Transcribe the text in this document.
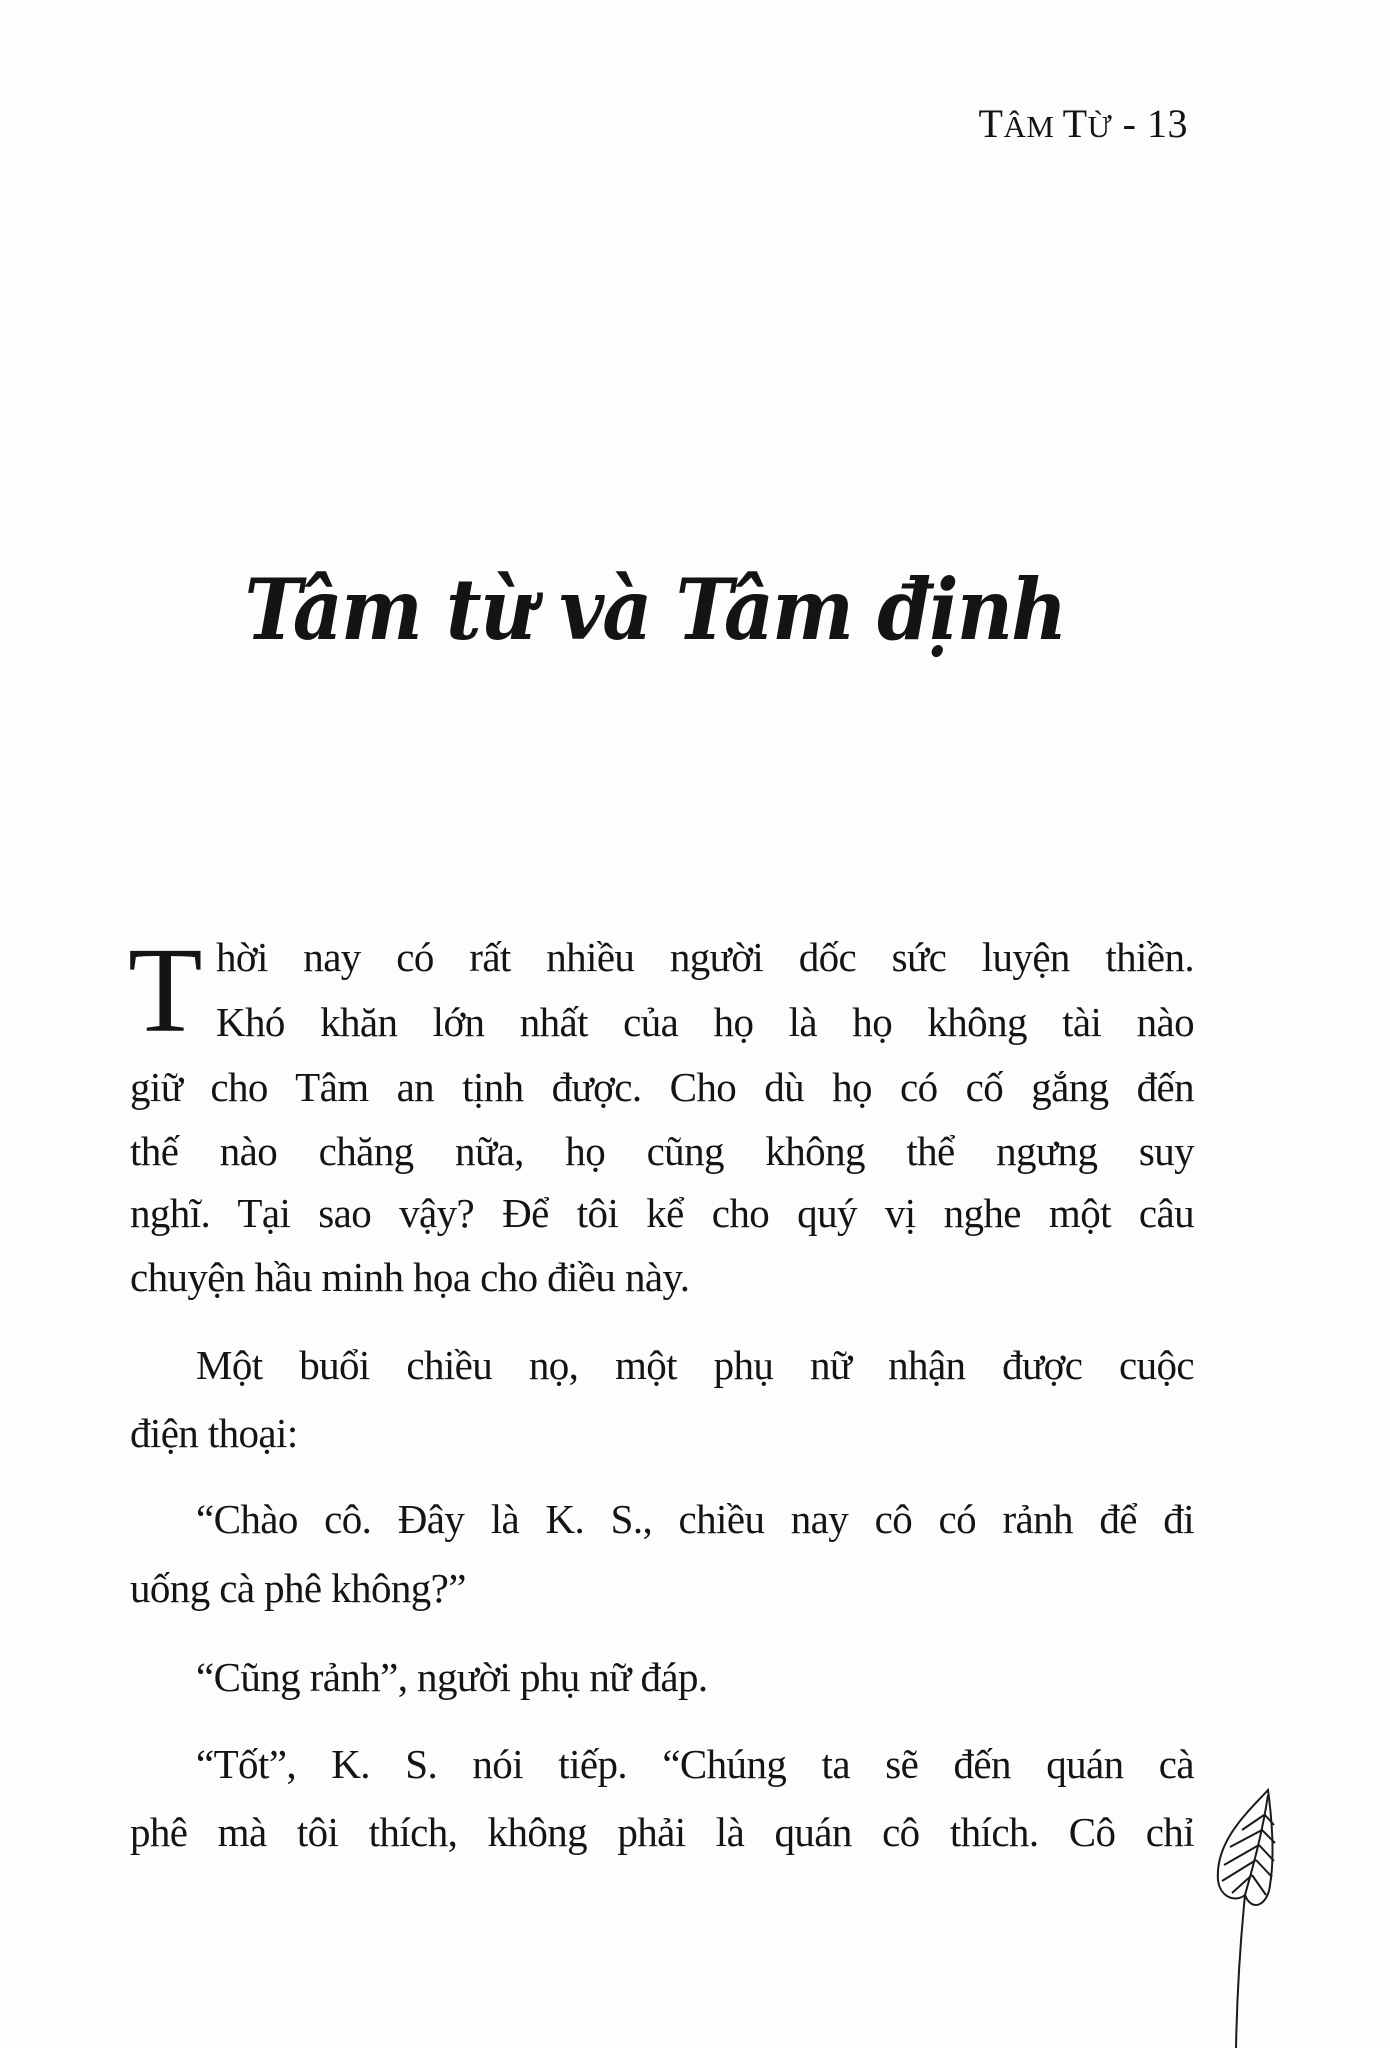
TÂM TỪ - 13
Tâm từ và Tâm định
T hời nay có rất nhiều người dốc sức luyện thiền.
Khó khăn lớn nhất của họ là họ không tài nào
giữ cho Tâm an tịnh được. Cho dù họ có cố gắng đến
thế nào chăng nữa, họ cũng không thể ngưng suy
nghĩ. Tại sao vậy? Để tôi kể cho quý vị nghe một câu
chuyện hầu minh họa cho điều này.
Một buổi chiều nọ, một phụ nữ nhận được cuộc
điện thoại:
“Chào cô. Đây là K. S., chiều nay cô có rảnh để đi
uống cà phê không?”
“Cũng rảnh”, người phụ nữ đáp.
“Tốt”, K. S. nói tiếp. “Chúng ta sẽ đến quán cà
phê mà tôi thích, không phải là quán cô thích. Cô chỉ
